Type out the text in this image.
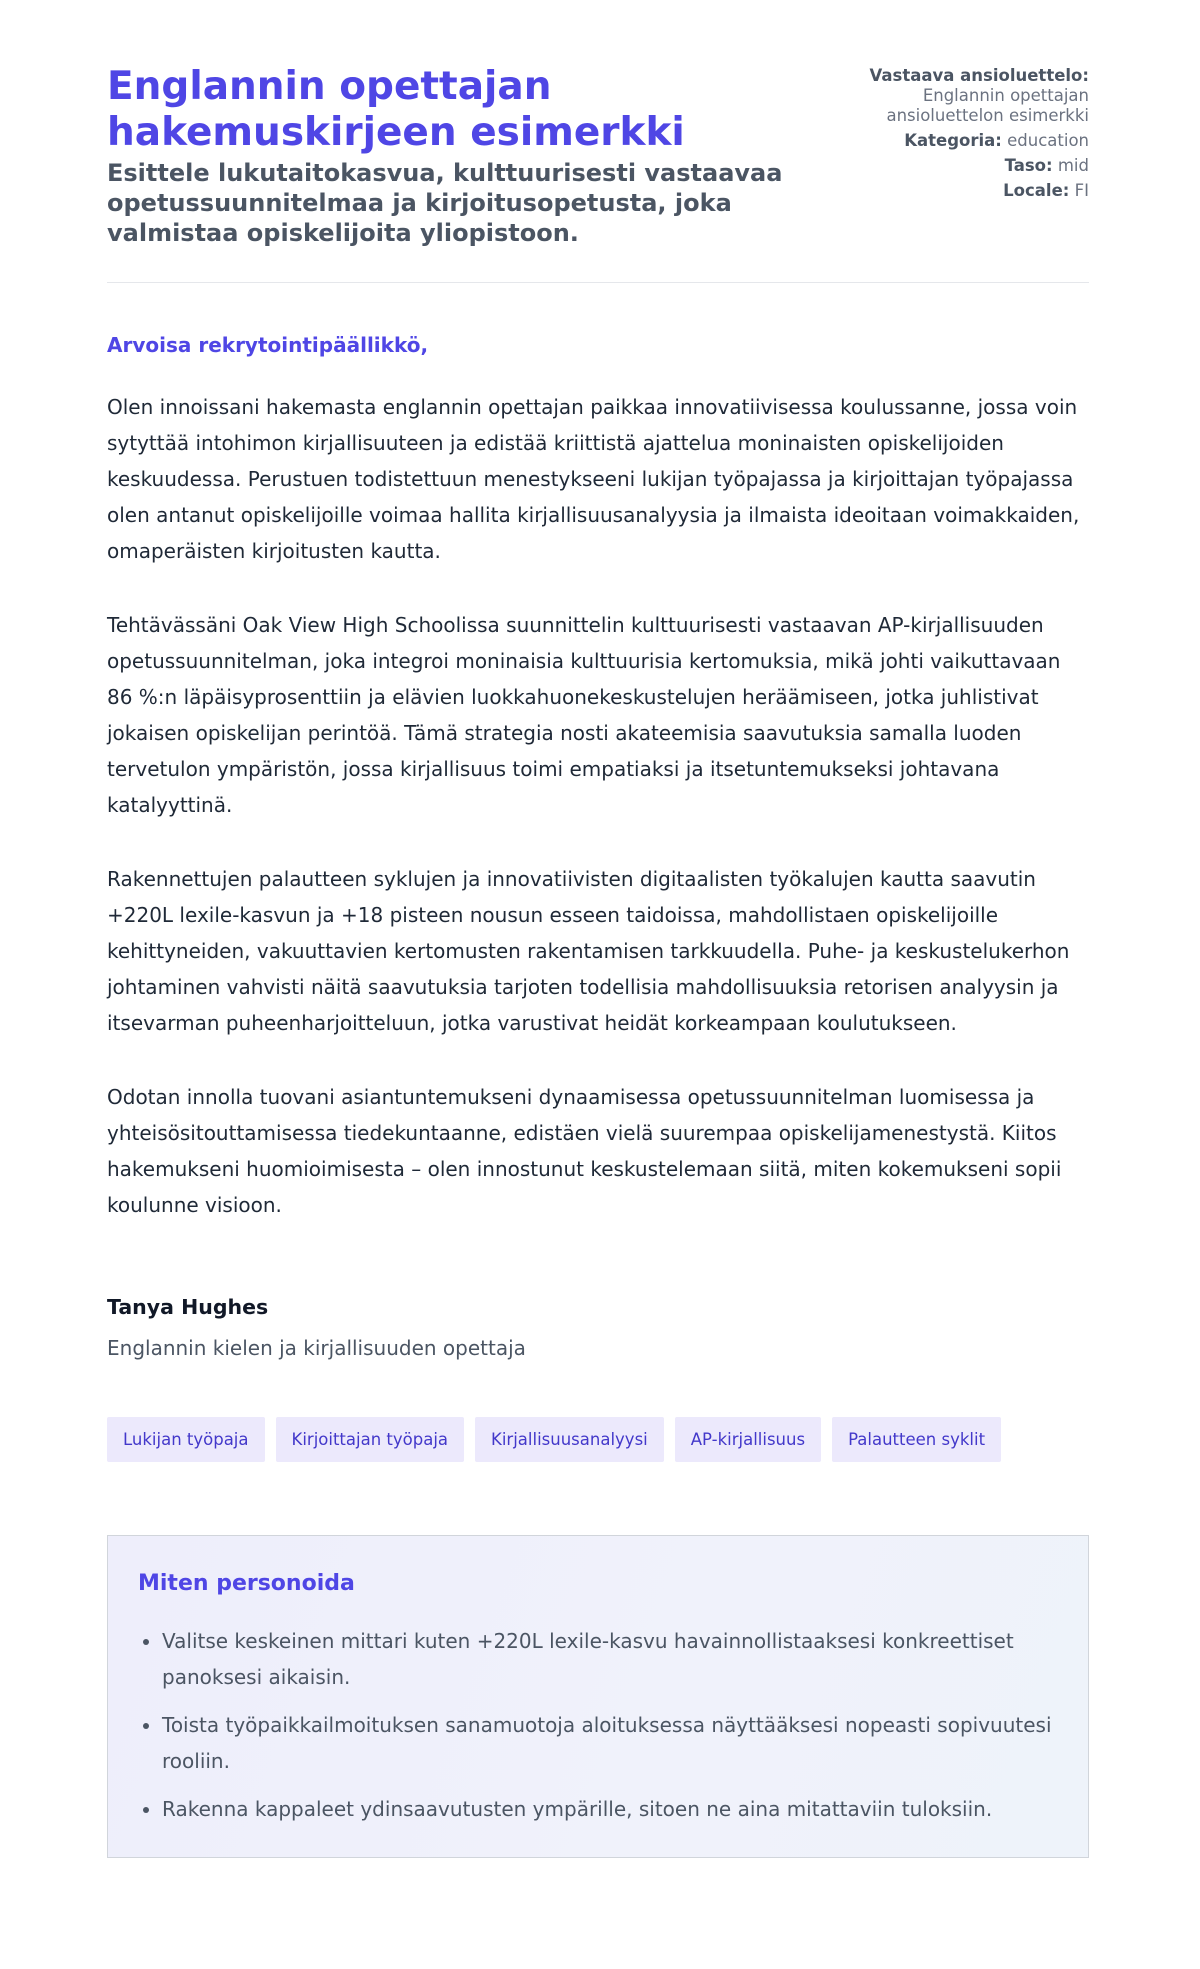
Englannin opettajan hakemuskirjeen esimerkki
Esittele lukutaitokasvua, kulttuurisesti vastaavaa opetussuunnitelmaa ja kirjoitusopetusta, joka valmistaa opiskelijoita yliopistoon.
Vastaava ansioluettelo:
Englannin opettajan ansioluettelon esimerkki
Kategoria: education
Taso: mid
Locale: FI
Arvoisa rekrytointipäällikkö,

Olen innoissani hakemasta englannin opettajan paikkaa innovatiivisessa koulussanne, jossa voin sytyttää intohimon kirjallisuuteen ja edistää kriittistä ajattelua moninaisten opiskelijoiden keskuudessa. Perustuen todistettuun menestykseeni lukijan työpajassa ja kirjoittajan työpajassa olen antanut opiskelijoille voimaa hallita kirjallisuusanalyysia ja ilmaista ideoitaan voimakkaiden, omaperäisten kirjoitusten kautta.

Tehtävässäni Oak View High Schoolissa suunnittelin kulttuurisesti vastaavan AP-kirjallisuuden opetussuunnitelman, joka integroi moninaisia kulttuurisia kertomuksia, mikä johti vaikuttavaan 86 %:n läpäisyprosenttiin ja elävien luokkahuonekeskustelujen heräämiseen, jotka juhlistivat jokaisen opiskelijan perintöä. Tämä strategia nosti akateemisia saavutuksia samalla luoden tervetulon ympäristön, jossa kirjallisuus toimi empatiaksi ja itsetuntemukseksi johtavana katalyyttinä.

Rakennettujen palautteen syklujen ja innovatiivisten digitaalisten työkalujen kautta saavutin +220L lexile-kasvun ja +18 pisteen nousun esseen taidoissa, mahdollistaen opiskelijoille kehittyneiden, vakuuttavien kertomusten rakentamisen tarkkuudella. Puhe- ja keskustelukerhon johtaminen vahvisti näitä saavutuksia tarjoten todellisia mahdollisuuksia retorisen analyysin ja itsevarman puheenharjoitteluun, jotka varustivat heidät korkeampaan koulutukseen.

Odotan innolla tuovani asiantuntemukseni dynaamisessa opetussuunnitelman luomisessa ja yhteisösitouttamisessa tiedekuntaanne, edistäen vielä suurempaa opiskelijamenestystä. Kiitos hakemukseni huomioimisesta – olen innostunut keskustelemaan siitä, miten kokemukseni sopii koulunne visioon.

Tanya Hughes
Englannin kielen ja kirjallisuuden opettaja
Lukijan työpaja	Kirjoittajan työpaja	Kirjallisuusanalyysi	AP-kirjallisuus	Palautteen syklit
Miten personoida
• Valitse keskeinen mittari kuten +220L lexile-kasvu havainnollistaaksesi konkreettiset panoksesi aikaisin.
• Toista työpaikkailmoituksen sanamuotoja aloituksessa näyttääksesi nopeasti sopivuutesi rooliin.
• Rakenna kappaleet ydinsaavutusten ympärille, sitoen ne aina mitattaviin tuloksiin.
